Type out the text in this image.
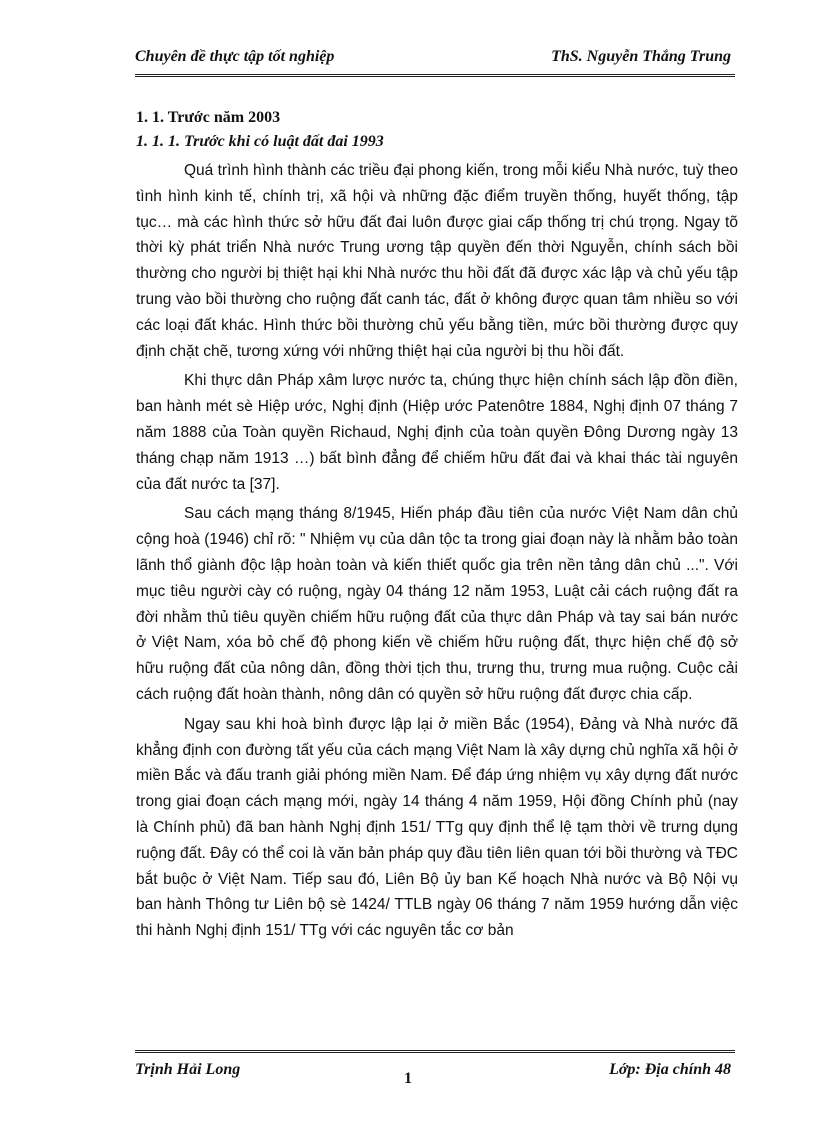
Chuyên đề thực tập tốt nghiệp	ThS. Nguyễn Thắng Trung

1. 1. Trước năm 2003

1. 1. 1. Trước khi có luật đất đai 1993

Quá trình hình thành các triều đại phong kiến, trong mỗi kiểu Nhà nước, tuỳ theo tình hình kinh tế, chính trị, xã hội và những đặc điểm truyền thống, huyết thống, tập tục… mà các hình thức sở hữu đất đai luôn được giai cấp thống trị chú trọng. Ngay tõ thời kỳ phát triển Nhà nước Trung ương tập quyền đến thời Nguyễn, chính sách bồi thường cho người bị thiệt hại khi Nhà nước thu hồi đất đã được xác lập và chủ yếu tập trung vào bồi thường cho ruộng đất canh tác, đất ở không được quan tâm nhiều so với các loại đất khác. Hình thức bồi thường chủ yếu bằng tiền, mức bồi thường được quy định chặt chẽ, tương xứng với những thiệt hại của người bị thu hồi đất.

Khi thực dân Pháp xâm lược nước ta, chúng thực hiện chính sách lập đồn điền, ban hành mét sè Hiệp ước, Nghị định (Hiệp ước Patenôtre 1884, Nghị định 07 tháng 7 năm 1888 của Toàn quyền Richaud, Nghị định của toàn quyền Đông Dương ngày 13 tháng chạp năm 1913 …) bất bình đẳng để chiếm hữu đất đai và khai thác tài nguyên của đất nước ta [37].

Sau cách mạng tháng 8/1945, Hiến pháp đầu tiên của nước Việt Nam dân chủ cộng hoà (1946) chỉ rõ: " Nhiệm vụ của dân tộc ta trong giai đoạn này là nhằm bảo toàn lãnh thổ giành độc lập hoàn toàn và kiến thiết quốc gia trên nền tảng dân chủ ...". Với mục tiêu người cày có ruộng, ngày 04 tháng 12 năm 1953, Luật cải cách ruộng đất ra đời nhằm thủ tiêu quyền chiếm hữu ruộng đất của thực dân Pháp và tay sai bán nước ở Việt Nam, xóa bỏ chế độ phong kiến về chiếm hữu ruộng đất, thực hiện chế độ sở hữu ruộng đất của nông dân, đồng thời tịch thu, trưng thu, trưng mua ruộng. Cuộc cải cách ruộng đất hoàn thành, nông dân có quyền sở hữu ruộng đất được chia cấp.

Ngay sau khi hoà bình được lập lại ở miền Bắc (1954), Đảng và Nhà nước đã khẳng định con đường tất yếu của cách mạng Việt Nam là xây dựng chủ nghĩa xã hội ở miền Bắc và đấu tranh giải phóng miền Nam. Để đáp ứng nhiệm vụ xây dựng đất nước trong giai đoạn cách mạng mới, ngày 14 tháng 4 năm 1959, Hội đồng Chính phủ (nay là Chính phủ) đã ban hành Nghị định 151/ TTg quy định thể lệ tạm thời về trưng dụng ruộng đất. Đây có thể coi là văn bản pháp quy đầu tiên liên quan tới bồi thường và TĐC bắt buộc ở Việt Nam. Tiếp sau đó, Liên Bộ ủy ban Kế hoạch Nhà nước và Bộ Nội vụ ban hành Thông tư Liên bộ sè 1424/ TTLB ngày 06 tháng 7 năm 1959 hướng dẫn việc thi hành Nghị định 151/ TTg với các nguyên tắc cơ bản

Trịnh Hải Long	Lớp: Địa chính 48
1
